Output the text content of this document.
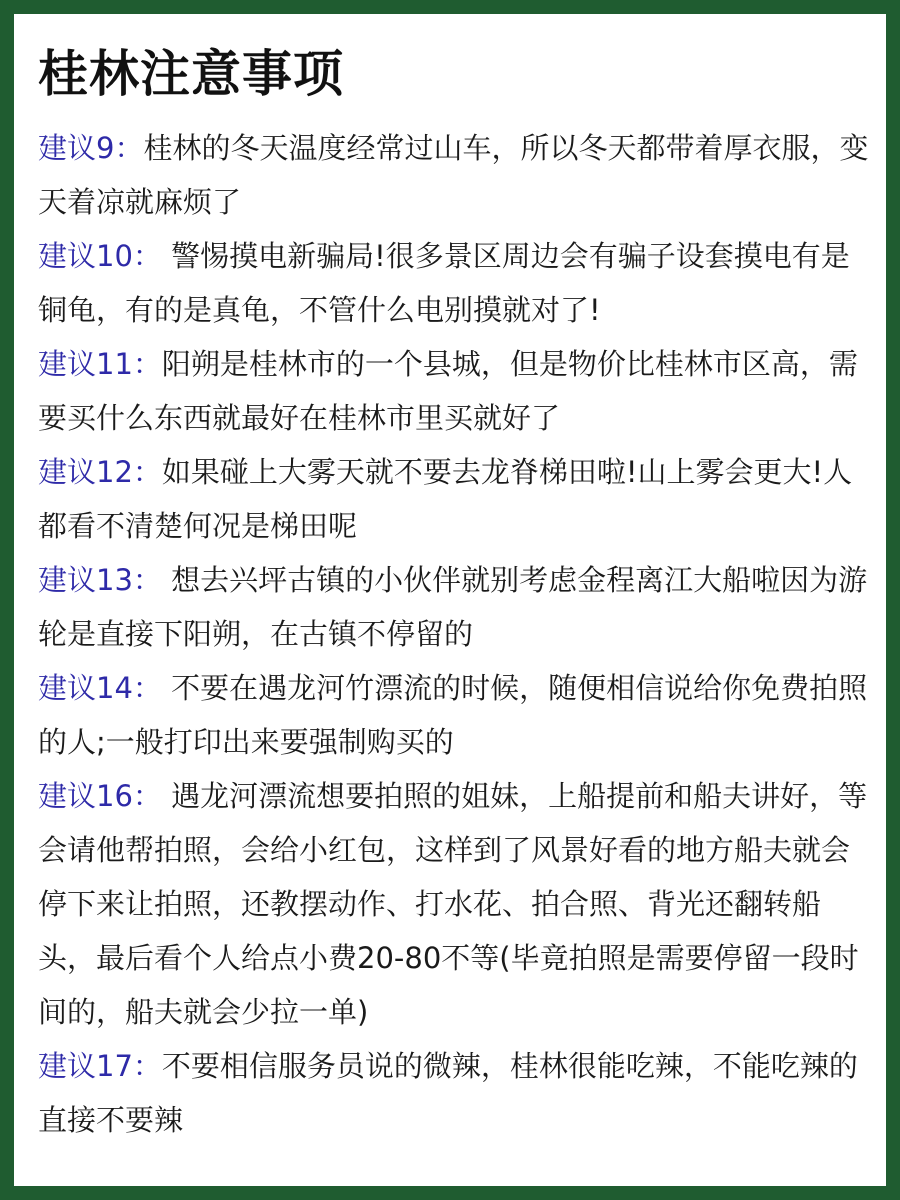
桂林注意事项

建议9：桂林的冬天温度经常过山车，所以冬天都带着厚衣服，变天着凉就麻烦了

建议10： 警惕摸电新骗局!很多景区周边会有骗子设套摸电有是铜龟，有的是真龟，不管什么电别摸就对了!

建议11：阳朔是桂林市的一个县城，但是物价比桂林市区高，需要买什么东西就最好在桂林市里买就好了

建议12：如果碰上大雾天就不要去龙脊梯田啦!山上雾会更大!人都看不清楚何况是梯田呢

建议13： 想去兴坪古镇的小伙伴就别考虑金程离江大船啦因为游轮是直接下阳朔，在古镇不停留的

建议14： 不要在遇龙河竹漂流的时候，随便相信说给你免费拍照的人;一般打印出来要强制购买的

建议16： 遇龙河漂流想要拍照的姐妹，上船提前和船夫讲好，等会请他帮拍照，会给小红包，这样到了风景好看的地方船夫就会停下来让拍照，还教摆动作、打水花、拍合照、背光还翻转船头，最后看个人给点小费20-80不等(毕竟拍照是需要停留一段时间的，船夫就会少拉一单)

建议17：不要相信服务员说的微辣，桂林很能吃辣，不能吃辣的直接不要辣
